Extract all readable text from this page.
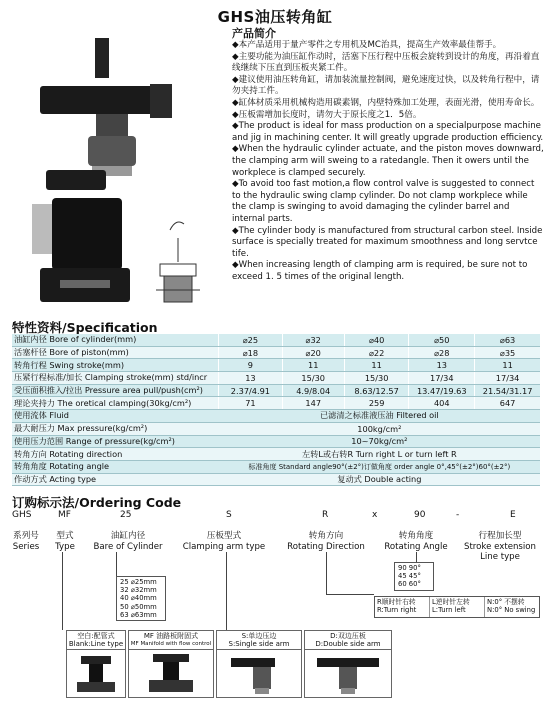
GHS油压转角缸
产品简介

◆本产品适用于量产零件之专用机及MC治具，提高生产效率最佳帮手。

◆主要功能为油压缸作动时，活塞下压行程中压板会旋转到设计的角度，再沿着直线继续下压直到压板夹紧工件。

◆建议使用油压转角缸，请加装流量控制阀，避免速度过快，以及转角行程中，请勿夹持工件。

◆缸体材质采用机械构造用碳素钢，内壁特殊加工处理，表面光滑，使用寿命长。

◆压板需增加长度时，请勿大于原长度之1．5倍。

◆The product is ideal for mass production on a specialpurpose machine and jig in machining center. It will greatly upgrade production efficiency.

◆When the hydraulic cylinder actuate, and the piston moves downward, the clamping arm will sweing to a ratedangle. Then it owers until the workplece is clamped securely.

◆To avoid too fast motion,a flow control valve is suggested to connect to the hydraulic swing clamp cylinder. Do not clamp workplece while the clamp is swinging to avoid damaging the cylinder barrel and internal parts.

◆The cylinder body is manufactured from structural carbon steel. Inside surface is specially treated for maximum smoothness and long servtce tife.

◆When increasing length of clamping arm is required, be sure not to exceed 1. 5 times of the original length.

特性资料/Specification
油缸内径 Bore of cylinder(mm)	⌀25	⌀32	⌀40	⌀50	⌀63
活塞杆径 Bore of piston(mm)	⌀18	⌀20	⌀22	⌀28	⌀35
转角行程 Swing stroke(mm)	9	11	11	13	11
压紧行程标准/加长 Clamping stroke(mm) std/incr	13	15/30	15/30	17/34	17/34
受压面积推入/拉出 Pressure area pull/push(cm²)	2.37/4.91	4.9/8.04	8.63/12.57	13.47/19.63	21.54/31.17
理论夹持力 The oretical clamping(30kg/cm²)	71	147	259	404	647
使用流体 Fluid	已滤清之标准液压油 Filtered oil				
最大耐压力 Max pressure(kg/cm²)	100kg/cm²				
使用压力范围 Range of pressure(kg/cm²)	10~70kg/cm²				
转角方向 Rotating direction	左转L或右转R Turn right L or turn left R				
转角角度 Rotating angle	标准角度 Standard angle90°(±2°)订做角度 order angle 0°,45°(±2°)60°(±2°)				
作动方式 Acting type	复动式 Double acting				
订购标示法/Ordering Code
GHS	MF	25	S	R	x	90	-	E
系列号
Series
型式
Type
油缸内径
Bare of Cylinder
压板型式
Clamping arm type
转角方向
Rotating Direction
转角角度
Rotating Angle
行程加长型
Stroke extension Line type
25 ⌀25mm
32 ⌀32mm
40 ⌀40mm
50 ⌀50mm
63 ⌀63mm
90 90°
45 45°
60 60°
R顺时针右转 R:Turn right
L逆时针左转 L:Turn left
N:0° 不摆转 N:0° No swing
空白:配管式
Blank:Line type
MF 油路板附固式
MF Manifold with flow control
S:单边压边
S:Single side arm
D:双边压板
D:Double side arm
